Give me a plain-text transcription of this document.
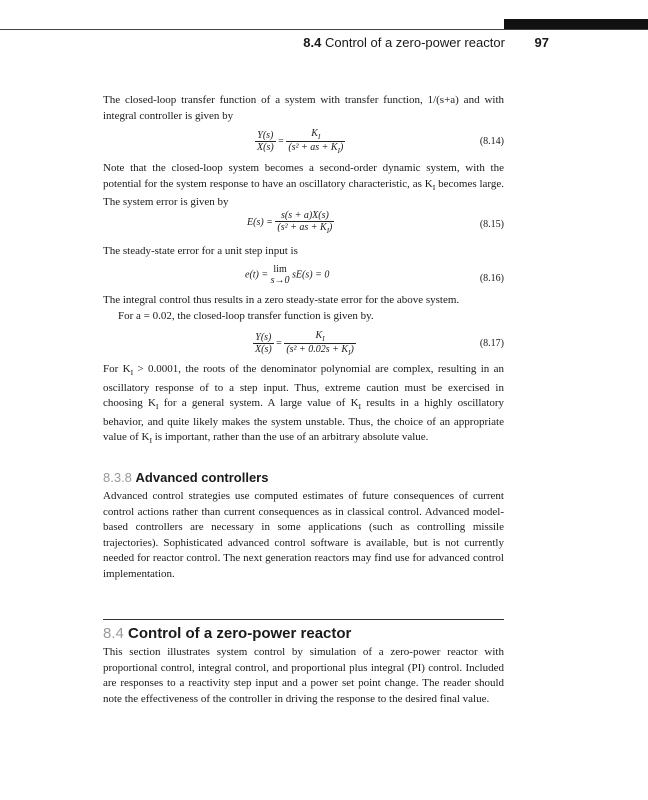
8.4 Control of a zero-power reactor 97

The closed-loop transfer function of a system with transfer function, 1/(s+a) and with integral controller is given by

$\frac{Y(s)}{X(s)} = \frac{K_I}{(s^2 + as + K_I)}$	(8.14)

Note that the closed-loop system becomes a second-order dynamic system, with the potential for the system response to have an oscillatory characteristic, as $K_I$ becomes large. The system error is given by

$E(s) = \frac{s(s + a)X(s)}{(s^2 + as + K_I)}$	(8.15)

The steady-state error for a unit step input is

e(t) = lim
s→0 sE(s) = 0	(8.16)

The integral control thus results in a zero steady-state error for the above system.

For a = 0.02, the closed-loop transfer function is given by.

$\frac{Y(s)}{X(s)} = \frac{K_I}{(s^2 + 0.02s + K_I)}$	(8.17)

For $K_I > 0.0001$, the roots of the denominator polynomial are complex, resulting in an oscillatory response of to a step input. Thus, extreme caution must be exercised in choosing $K_I$ for a general system. A large value of $K_I$ results in a highly oscillatory behavior, and quite likely makes the system unstable. Thus, the choice of an appropriate value of $K_I$ is important, rather than the use of an arbitrary absolute value.

8.3.8 Advanced controllers

Advanced control strategies use computed estimates of future consequences of current control actions rather than current consequences as in classical control. Advanced model-based controllers are necessary in some applications (such as controlling missile trajectories). Sophisticated advanced control software is available, but is not currently needed for reactor control. The next generation reactors may find use for advanced control implementation.

8.4 Control of a zero-power reactor

This section illustrates system control by simulation of a zero-power reactor with proportional control, integral control, and proportional plus integral (PI) control. Included are responses to a reactivity step input and a power set point change. The reader should note the effectiveness of the controller in driving the response to the desired final value.
